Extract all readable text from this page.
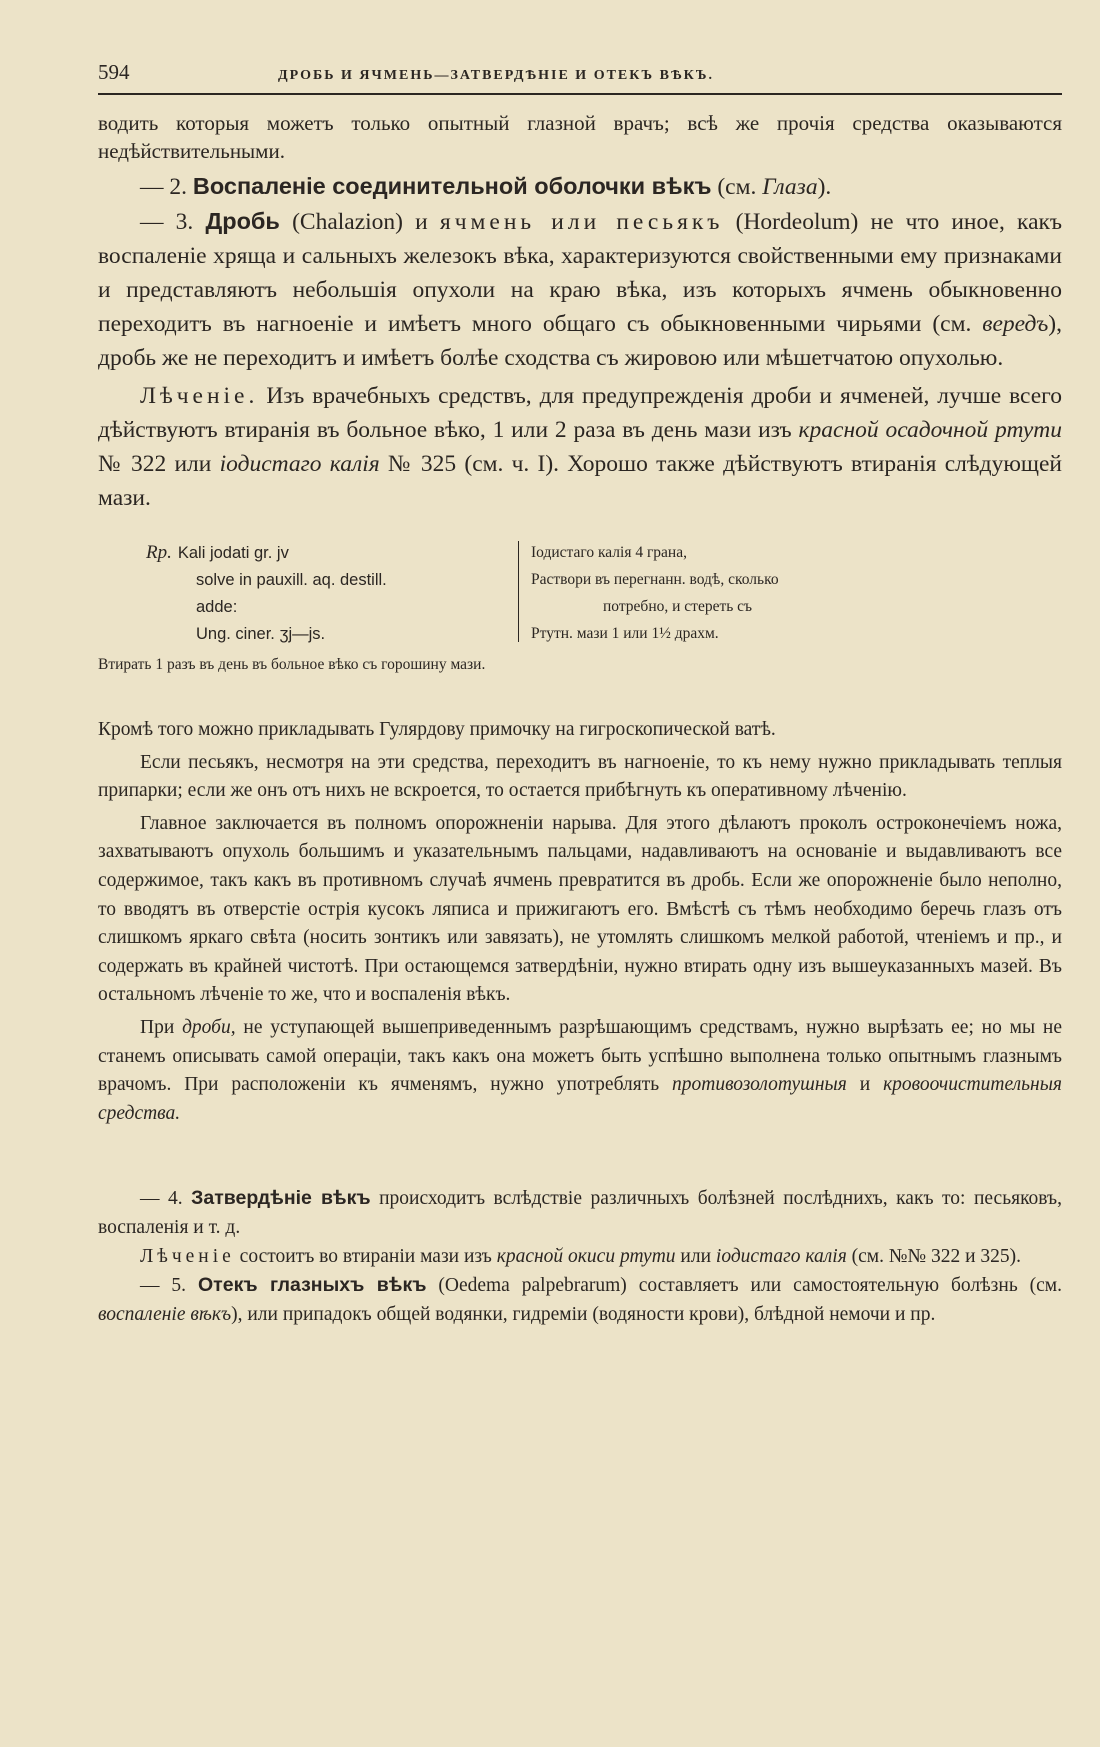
594	ДРОБЬ И ЯЧМЕНЬ—ЗАТВЕРДѢНІЕ И ОТЕКЪ ВѢКЪ.

водить которыя можетъ только опытный глазной врачъ; всѣ же прочія средства оказываются недѣйствительными.

— 2. Воспаленіе соединительной оболочки вѣкъ (см. Глаза).

— 3. Дробь (Chalazion) и ячмень или песьякъ (Hordeolum) не что иное, какъ воспаленіе хряща и сальныхъ железокъ вѣка, характеризуются свойственными ему признаками и представляютъ небольшія опухоли на краю вѣка, изъ которыхъ ячмень обыкновенно переходитъ въ нагноеніе и имѣетъ много общаго съ обыкновенными чирьями (см. вередъ), дробь же не переходитъ и имѣетъ болѣе сходства съ жировою или мѣшетчатою опухолью.

Лѣченіе. Изъ врачебныхъ средствъ, для предупрежденія дроби и ячменей, лучше всего дѣйствуютъ втиранія въ больное вѣко, 1 или 2 раза въ день мази изъ красной осадочной ртути № 322 или іодистаго калія № 325 (см. ч. I). Хорошо также дѣйствуютъ втиранія слѣдующей мази.

Rp. Kali jodati gr. jv
solve in pauxill. aq. destill.
adde:
Ung. ciner. ʒj—js.
Іодистаго калія 4 грана,
Раствори въ перегнанн. водѣ, сколько
потребно, и стереть съ
Ртутн. мази 1 или 1½ драхм.
Втирать 1 разъ въ день въ больное вѣко съ горошину мази.

Кромѣ того можно прикладывать Гулярдову примочку на гигроскопической ватѣ.

Если песьякъ, несмотря на эти средства, переходитъ въ нагноеніе, то къ нему нужно прикладывать теплыя припарки; если же онъ отъ нихъ не вскроется, то остается прибѣгнуть къ оперативному лѣченію.

Главное заключается въ полномъ опорожненіи нарыва. Для этого дѣлаютъ проколъ остроконечіемъ ножа, захватываютъ опухоль большимъ и указательнымъ пальцами, надавливаютъ на основаніе и выдавливаютъ все содержимое, такъ какъ въ противномъ случаѣ ячмень превратится въ дробь. Если же опорожненіе было неполно, то вводятъ въ отверстіе острія кусокъ ляписа и прижигаютъ его. Вмѣстѣ съ тѣмъ необходимо беречь глазъ отъ слишкомъ яркаго свѣта (носить зонтикъ или завязать), не утомлять слишкомъ мелкой работой, чтеніемъ и пр., и содержать въ крайней чистотѣ. При остающемся затвердѣніи, нужно втирать одну изъ вышеуказанныхъ мазей. Въ остальномъ лѣченіе то же, что и воспаленія вѣкъ.

При дроби, не уступающей вышеприведеннымъ разрѣшающимъ средствамъ, нужно вырѣзать ее; но мы не станемъ описывать самой операціи, такъ какъ она можетъ быть успѣшно выполнена только опытнымъ глазнымъ врачомъ. При расположеніи къ ячменямъ, нужно употреблять противозолотушныя и кровоочистительныя средства.

— 4. Затвердѣніе вѣкъ происходитъ вслѣдствіе различныхъ болѣзней послѣднихъ, какъ то: песьяковъ, воспаленія и т. д.

Лѣченіе состоитъ во втираніи мази изъ красной окиси ртути или іодистаго калія (см. №№ 322 и 325).

— 5. Отекъ глазныхъ вѣкъ (Oedema palpebrarum) составляетъ или самостоятельную болѣзнь (см. воспаленіе вѣкъ), или припадокъ общей водянки, гидреміи (водяности крови), блѣдной немочи и пр.
